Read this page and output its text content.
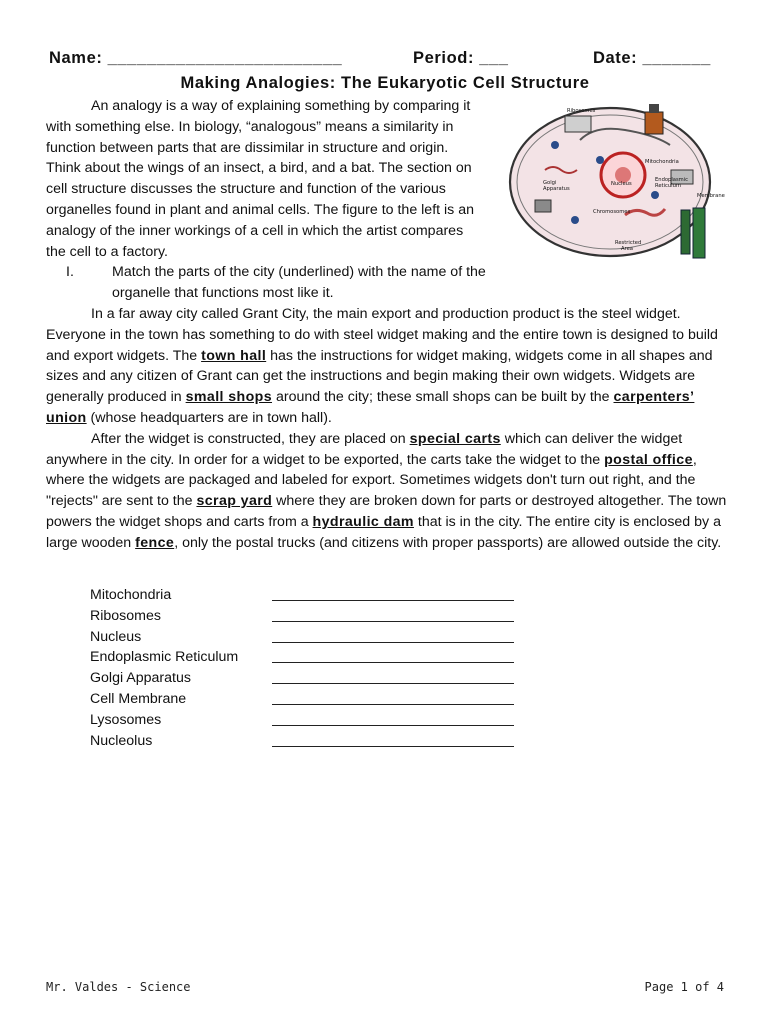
Name: ________________________	Period: ___	Date: _______
Making Analogies: The Eukaryotic Cell Structure

An analogy is a way of explaining something by comparing it with something else. In biology, “analogous” means a similarity in function between parts that are dissimilar in structure and origin. Think about the wings of an insect, a bird, and a bat. The section on cell structure discusses the structure and function of the various organelles found in plant and animal cells. The figure to the left is an analogy of the inner workings of a cell in which the artist compares the cell to a factory.

I.	Match the parts of the city (underlined) with the name of the organelle that functions most like it.

Ribosomes
Mitochondria
Golgi
Apparatus
Nucleus
Endoplasmic
Reticulum
Membrane
Chromosomes
Restricted
Area

In a far away city called Grant City, the main export and production product is the steel widget. Everyone in the town has something to do with steel widget making and the entire town is designed to build and export widgets. The town hall has the instructions for widget making, widgets come in all shapes and sizes and any citizen of Grant can get the instructions and begin making their own widgets. Widgets are generally produced in small shops around the city; these small shops can be built by the carpenters’ union (whose headquarters are in town hall).

After the widget is constructed, they are placed on special carts which can deliver the widget anywhere in the city. In order for a widget to be exported, the carts take the widget to the postal office, where the widgets are packaged and labeled for export. Sometimes widgets don't turn out right, and the "rejects" are sent to the scrap yard where they are broken down for parts or destroyed altogether. The town powers the widget shops and carts from a hydraulic dam that is in the city. The entire city is enclosed by a large wooden fence, only the postal trucks (and citizens with proper passports) are allowed outside the city.

Mitochondria
Ribosomes
Nucleus
Endoplasmic Reticulum
Golgi Apparatus
Cell Membrane
Lysosomes
Nucleolus
Mr. Valdes - Science	Page 1 of 4
